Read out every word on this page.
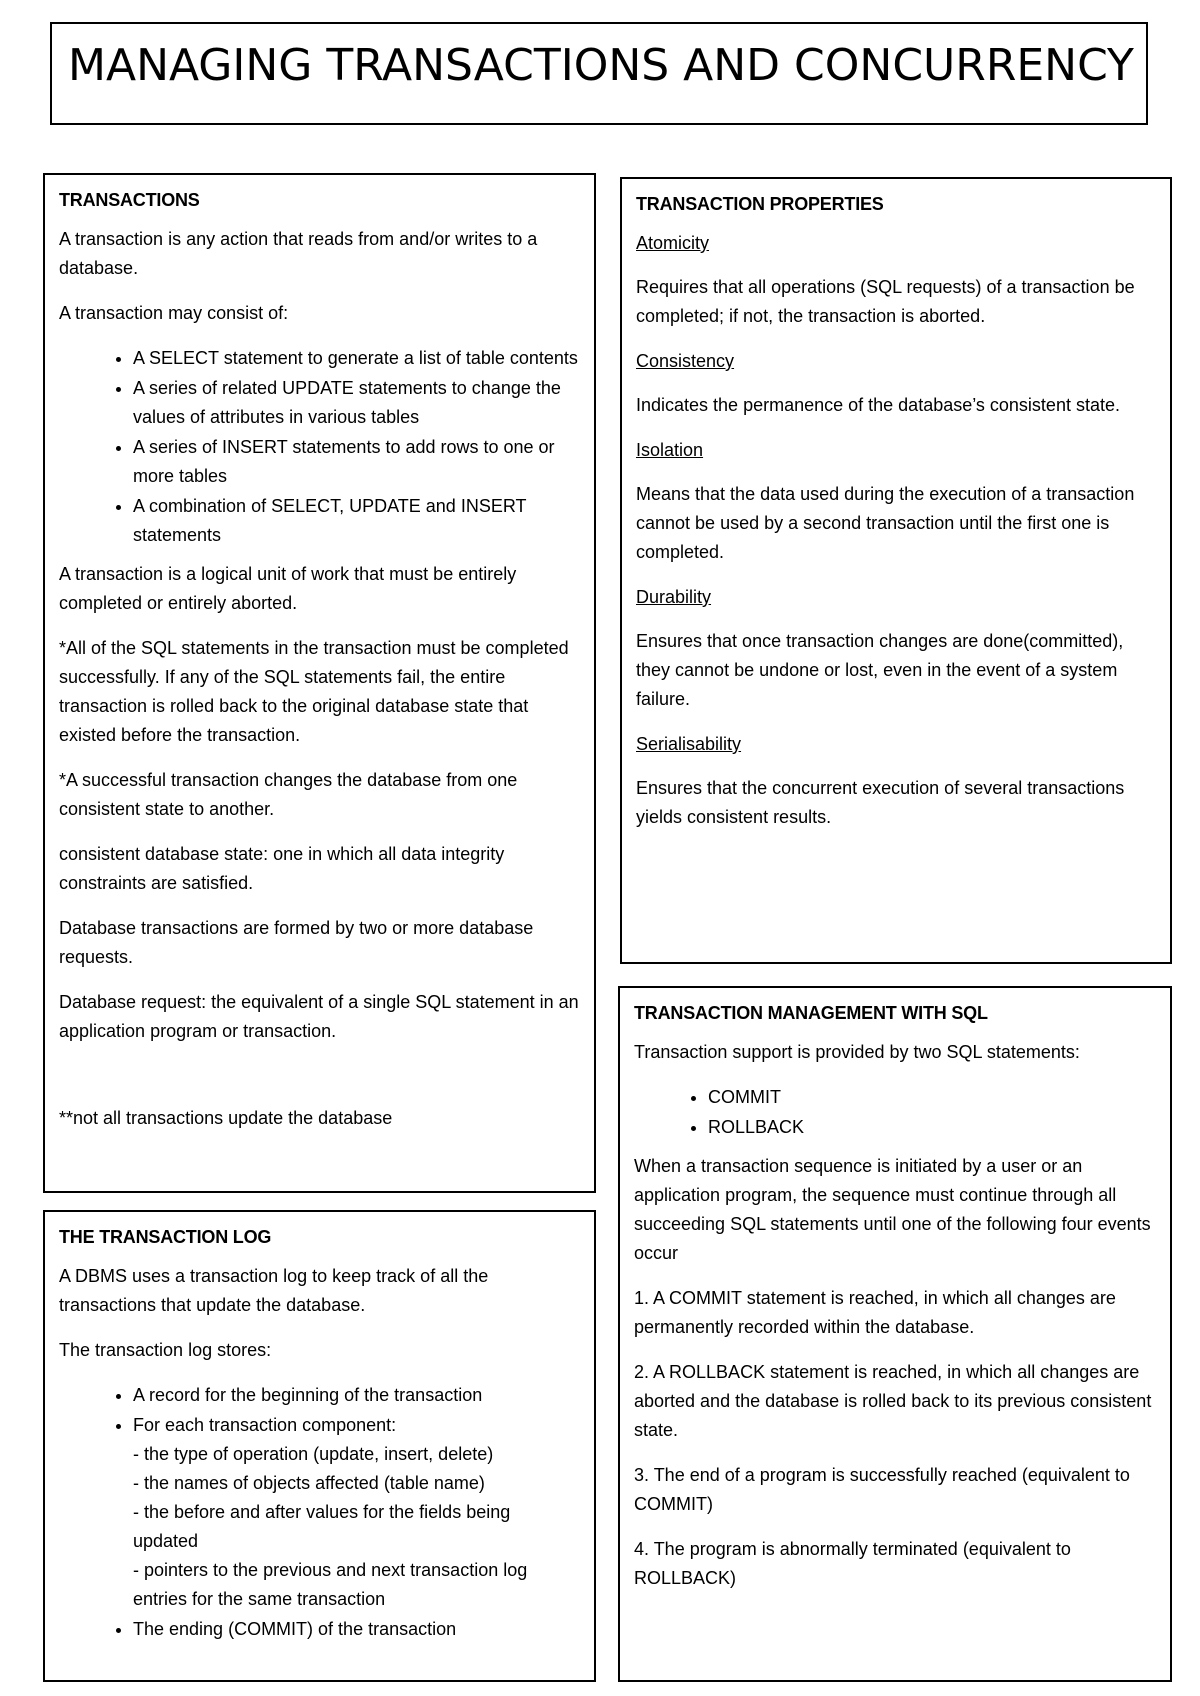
MANAGING TRANSACTIONS AND CONCURRENCY
TRANSACTIONS

A transaction is any action that reads from and/or writes to a database.

A transaction may consist of:

• A SELECT statement to generate a list of table contents
• A series of related UPDATE statements to change the values of attributes in various tables
• A series of INSERT statements to add rows to one or more tables
• A combination of SELECT, UPDATE and INSERT statements

A transaction is a logical unit of work that must be entirely completed or entirely aborted.

*All of the SQL statements in the transaction must be completed successfully. If any of the SQL statements fail, the entire transaction is rolled back to the original database state that existed before the transaction.

*A successful transaction changes the database from one consistent state to another.

consistent database state: one in which all data integrity constraints are satisfied.

Database transactions are formed by two or more database requests.

Database request: the equivalent of a single SQL statement in an application program or transaction.

**not all transactions update the database

THE TRANSACTION LOG

A DBMS uses a transaction log to keep track of all the transactions that update the database.

The transaction log stores:

• A record for the beginning of the transaction
• For each transaction component:
- the type of operation (update, insert, delete)
- the names of objects affected (table name)
- the before and after values for the fields being updated
- pointers to the previous and next transaction log entries for the same transaction
• The ending (COMMIT) of the transaction
TRANSACTION PROPERTIES

Atomicity

Requires that all operations (SQL requests) of a transaction be completed; if not, the transaction is aborted.

Consistency

Indicates the permanence of the database’s consistent state.

Isolation

Means that the data used during the execution of a transaction cannot be used by a second transaction until the first one is completed.

Durability

Ensures that once transaction changes are done(committed), they cannot be undone or lost, even in the event of a system failure.

Serialisability

Ensures that the concurrent execution of several transactions yields consistent results.

TRANSACTION MANAGEMENT WITH SQL

Transaction support is provided by two SQL statements:

• COMMIT
• ROLLBACK

When a transaction sequence is initiated by a user or an application program, the sequence must continue through all succeeding SQL statements until one of the following four events occur

1. A COMMIT statement is reached, in which all changes are permanently recorded within the database.

2. A ROLLBACK statement is reached, in which all changes are aborted and the database is rolled back to its previous consistent state.

3. The end of a program is successfully reached (equivalent to COMMIT)

4. The program is abnormally terminated (equivalent to ROLLBACK)
